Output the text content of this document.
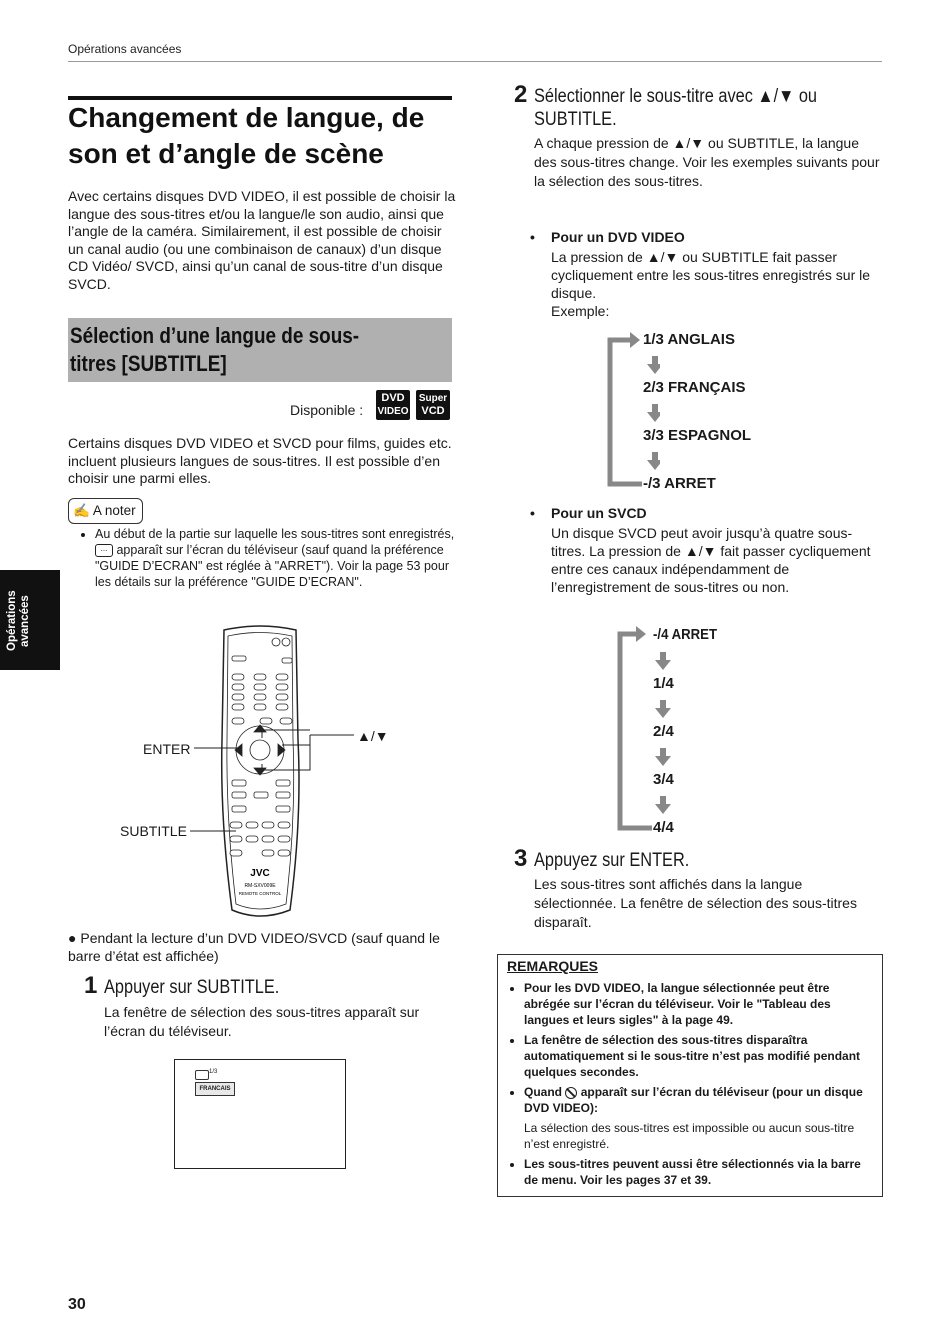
Opérations avancées
Changement de langue, de son et d’angle de scène
Avec certains disques DVD VIDEO, il est possible de choisir la langue des sous-titres et/ou la langue/le son audio, ainsi que l’angle de la caméra. Similairement, il est possible de choisir un canal audio (ou une combinaison de canaux) d’un disque CD Vidéo/ SVCD, ainsi qu’un canal de sous-titre d’un disque SVCD.
Sélection d’une langue de sous-titres [SUBTITLE]
Disponible :
DVD
VIDEO
Super
VCD
Certains disques DVD VIDEO et SVCD pour films, guides etc. incluent plusieurs langues de sous-titres. Il est possible d’en choisir une parmi elles.
✍ A noter
• Au début de la partie sur laquelle les sous-titres sont enregistrés, ... apparaît sur l’écran du téléviseur (sauf quand la préférence "GUIDE D’ECRAN" est réglée à "ARRET"). Voir la page 53 pour les détails sur la préférence "GUIDE D’ECRAN".
Opérations avancées
JVC
RM-SXV009E
REMOTE CONTROL
ENTER
SUBTITLE
▲/▼
● Pendant la lecture d’un DVD VIDEO/SVCD (sauf quand le barre d’état est affichée)
1 Appuyer sur SUBTITLE.
La fenêtre de sélection des sous-titres apparaît sur l’écran du téléviseur.
1/3
FRANCAIS
2 Sélectionner le sous-titre avec ▲/▼ ou
SUBTITLE.
A chaque pression de ▲/▼ ou SUBTITLE, la langue des sous-titres change. Voir les exemples suivants pour la sélection des sous-titres.
• Pour un DVD VIDEO
La pression de ▲/▼ ou SUBTITLE fait passer cycliquement entre les sous-titres enregistrés sur le disque.
Exemple:
1/3 ANGLAIS
2/3 FRANÇAIS
3/3 ESPAGNOL
-/3 ARRET
• Pour un SVCD
Un disque SVCD peut avoir jusqu’à quatre sous-titres. La pression de ▲/▼ fait passer cycliquement entre ces canaux indépendamment de l’enregistrement de sous-titres ou non.
-/4 ARRET
1/4
2/4
3/4
4/4
3 Appuyez sur ENTER.
Les sous-titres sont affichés dans la langue sélectionnée. La fenêtre de sélection des sous-titres disparaît.
REMARQUES
• Pour les DVD VIDEO, la langue sélectionnée peut être abrégée sur l’écran du téléviseur. Voir le "Tableau des langues et leurs sigles" à la page 49.
• La fenêtre de sélection des sous-titres disparaîtra automatiquement si le sous-titre n’est pas modifié pendant quelques secondes.
• Quand apparaît sur l’écran du téléviseur (pour un disque DVD VIDEO):
La sélection des sous-titres est impossible ou aucun sous-titre n’est enregistré.
• Les sous-titres peuvent aussi être sélectionnés via la barre de menu. Voir les pages 37 et 39.
30
